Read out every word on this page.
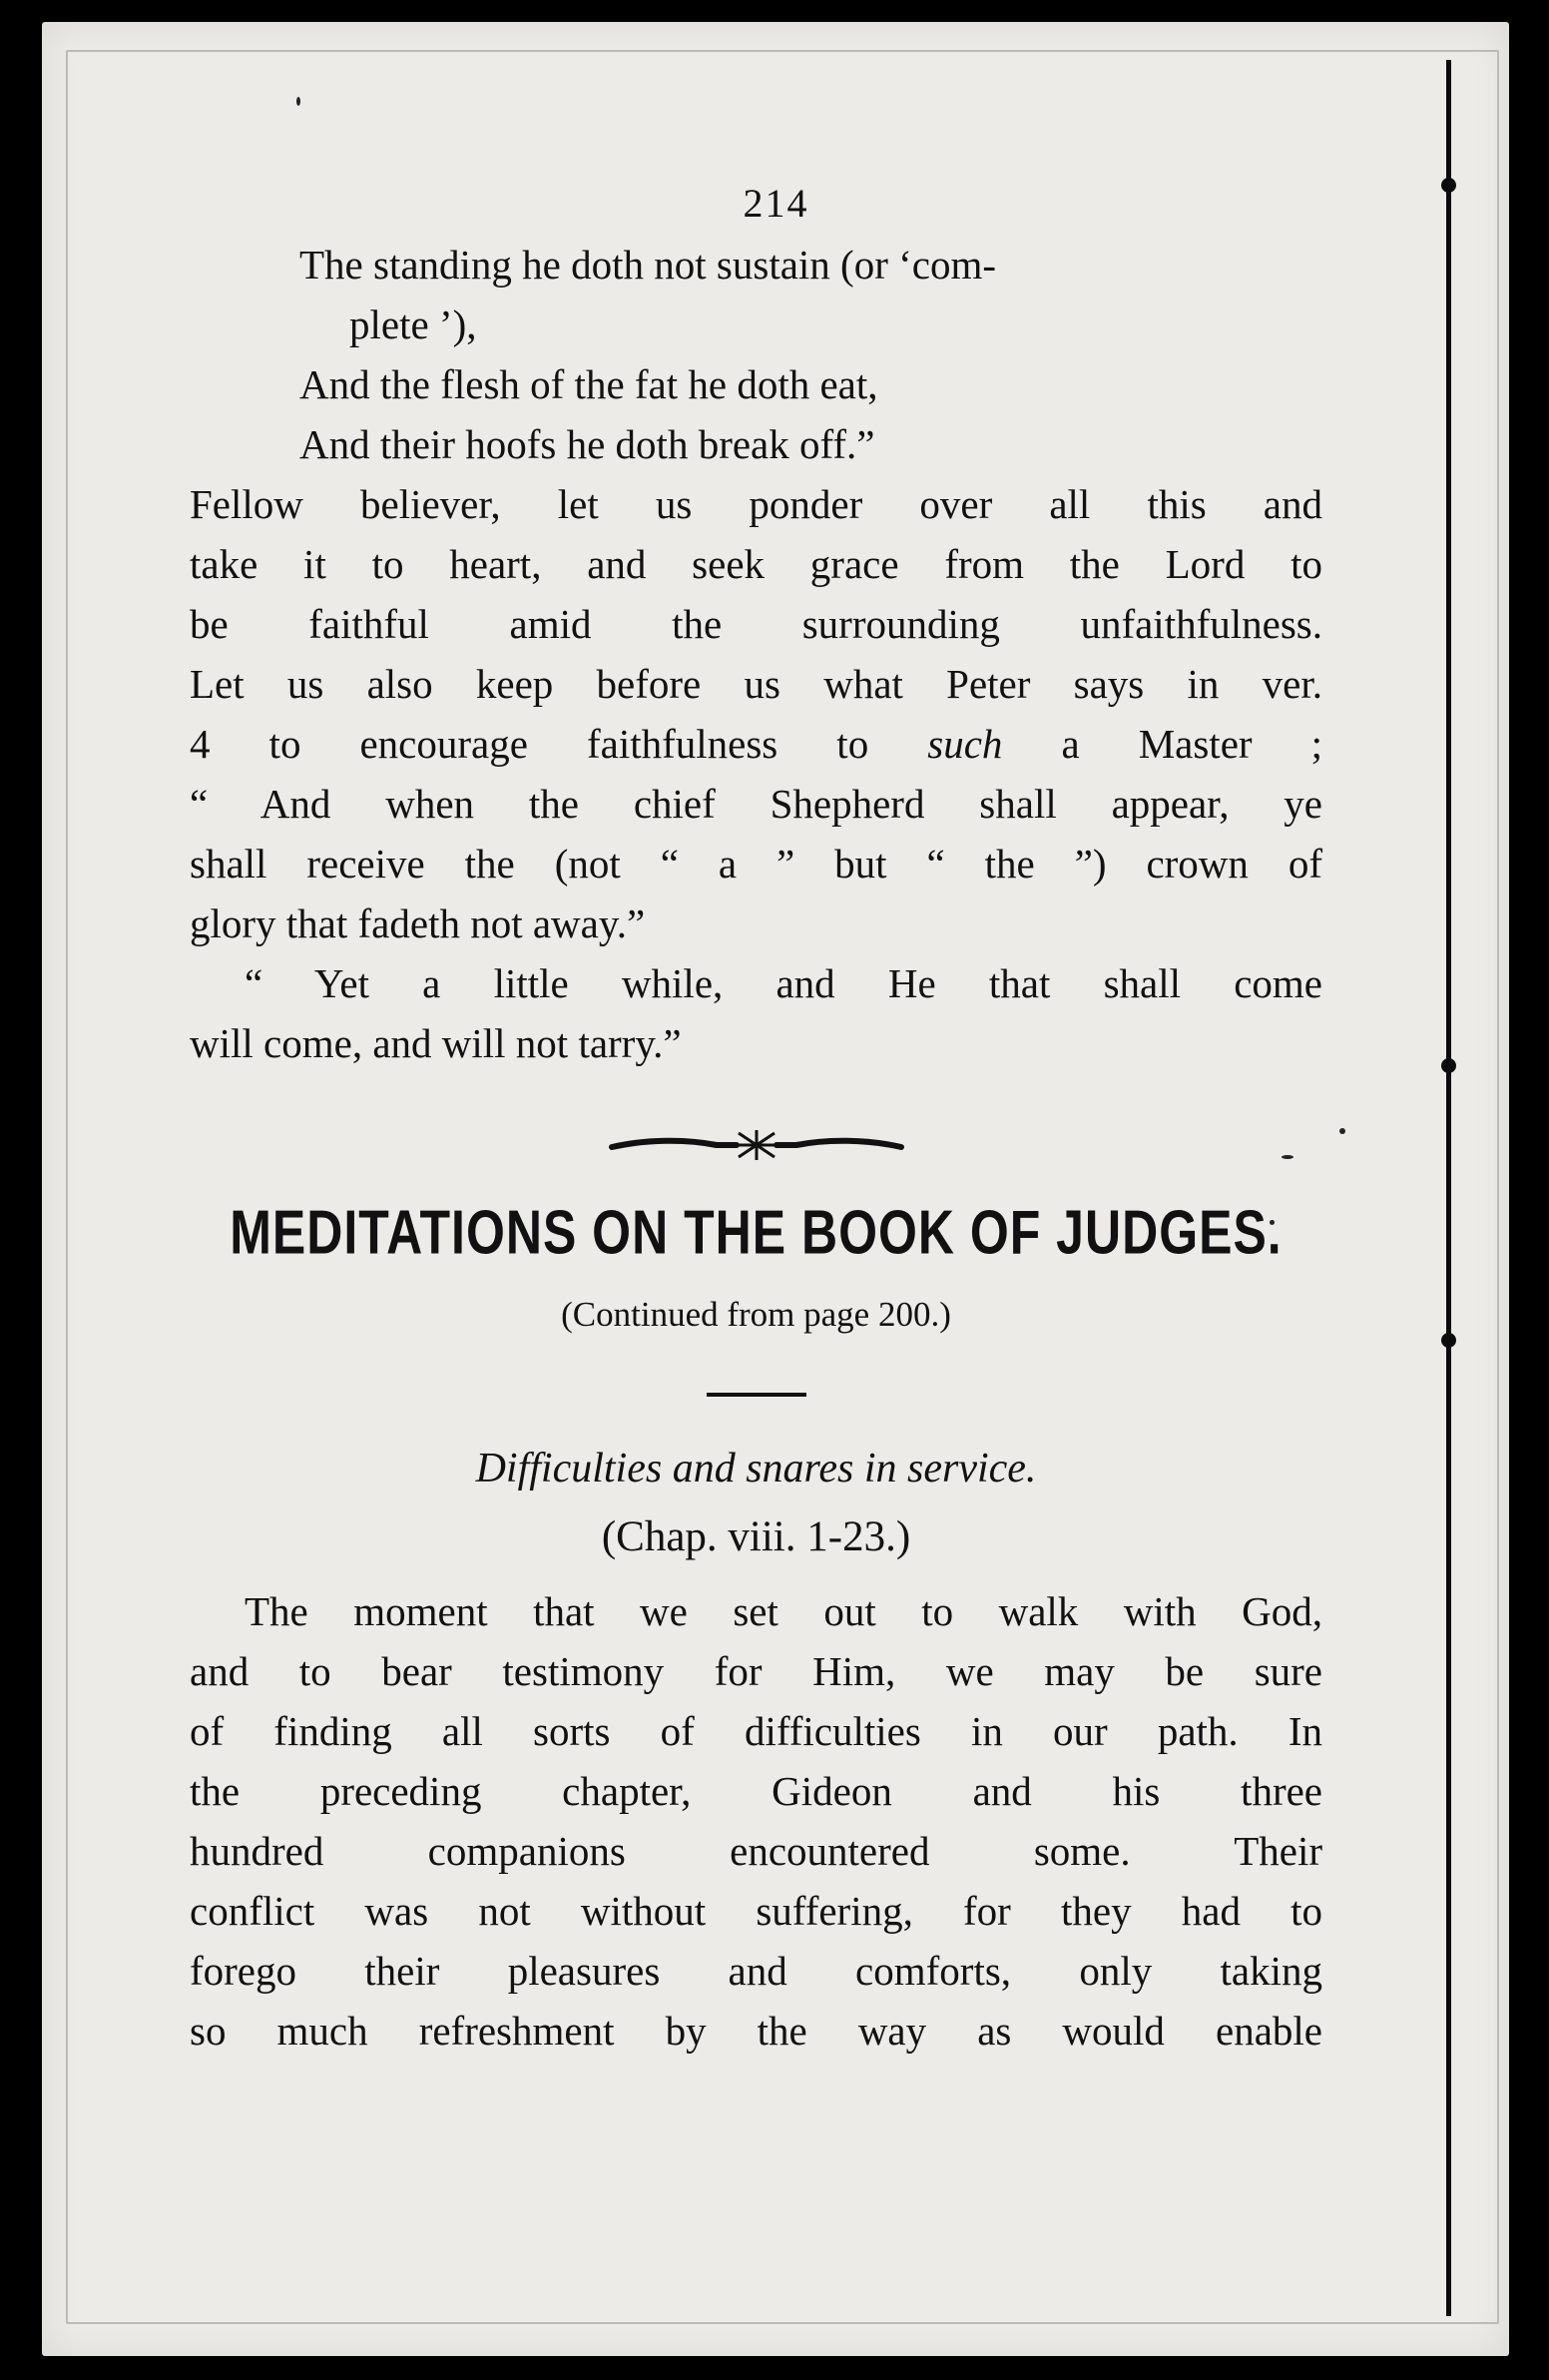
214

The standing he doth not sustain (or ‘com-

plete ’),

And the flesh of the fat he doth eat,

And their hoofs he doth break off.”

Fellow believer, let us ponder over all this and

take it to heart, and seek grace from the Lord to

be faithful amid the surrounding unfaithfulness.

Let us also keep before us what Peter says in ver.

4 to encourage faithfulness to such a Master ;

“ And when the chief Shepherd shall appear, ye

shall receive the (not “ a ” but “ the ”) crown of

glory that fadeth not away.”

“ Yet a little while, and He that shall come

will come, and will not tarry.”

MEDITATIONS ON THE BOOK OF JUDGES.
(Continued from page 200.)
Difficulties and snares in service.
(Chap. viii. 1-23.)

The moment that we set out to walk with God,

and to bear testimony for Him, we may be sure

of finding all sorts of difficulties in our path. In

the preceding chapter, Gideon and his three

hundred companions encountered some. Their

conflict was not without suffering, for they had to

forego their pleasures and comforts, only taking

so much refreshment by the way as would enable
